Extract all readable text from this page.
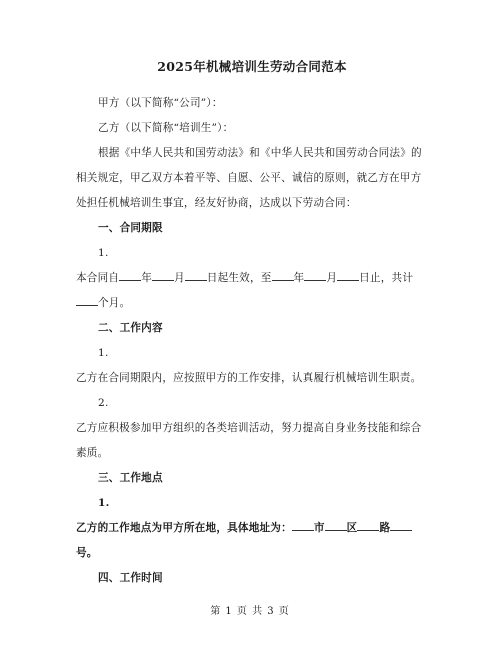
2025年机械培训生劳动合同范本

甲方（以下简称“公司”）：

乙方（以下简称“培训生”）：

根据《中华人民共和国劳动法》和《中华人民共和国劳动合同法》的相关规定，甲乙双方本着平等、自愿、公平、诚信的原则，就乙方在甲方处担任机械培训生事宜，经友好协商，达成以下劳动合同：

一、合同期限

1.

本合同自 年 月 日起生效，至 年 月 日止，共计个月。

二、工作内容

1.

乙方在合同期限内，应按照甲方的工作安排，认真履行机械培训生职责。

2.

乙方应积极参加甲方组织的各类培训活动，努力提高自身业务技能和综合素质。

三、工作地点

1.

乙方的工作地点为甲方所在地，具体地址为： 市 区 路号。

四、工作时间

第 1 页 共 3 页
